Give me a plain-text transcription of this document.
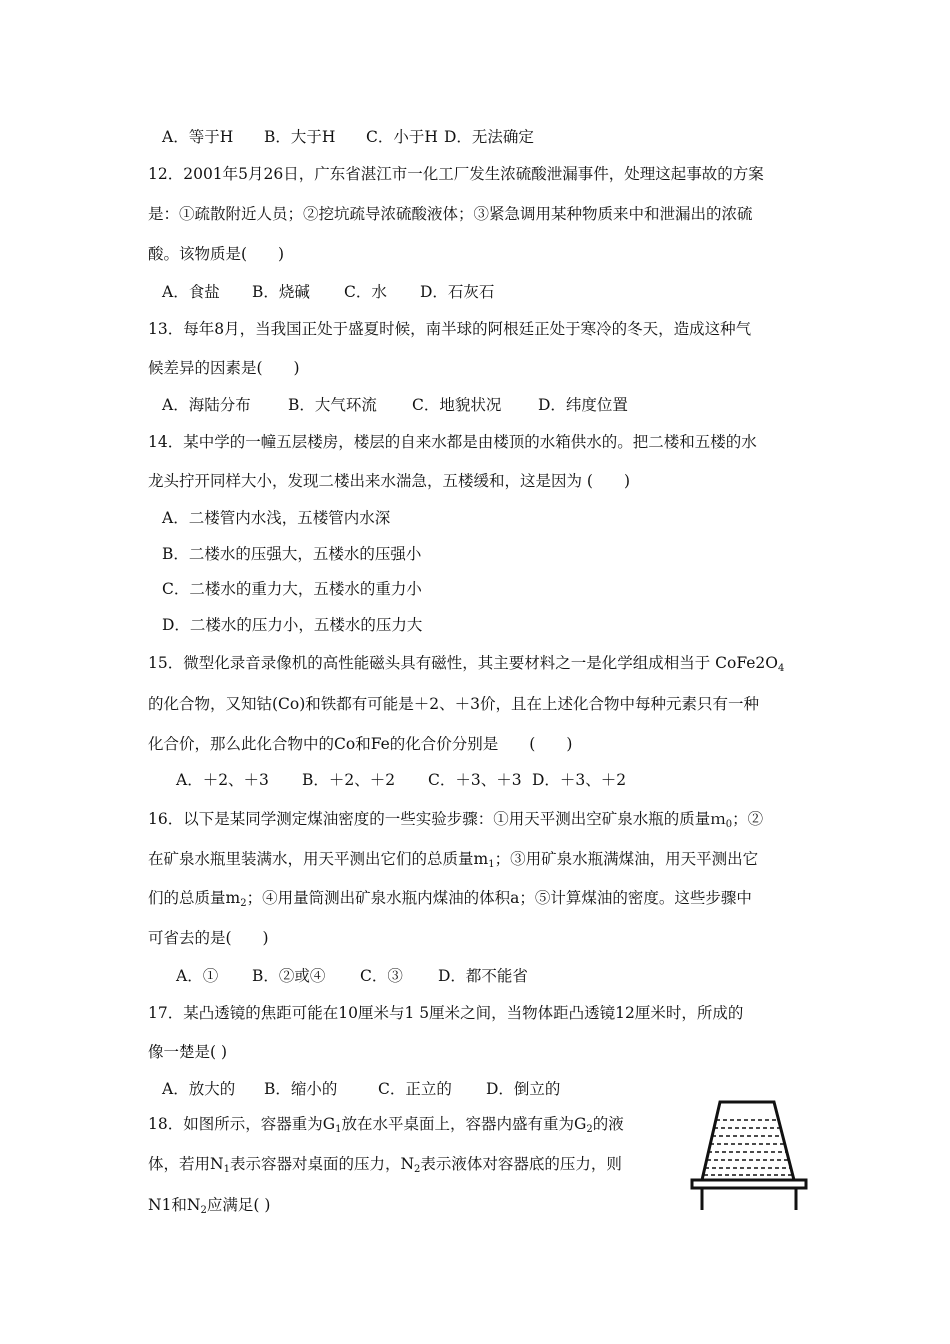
A．等于H B．大于H C．小于H D．无法确定
12．2001年5月26日，广东省湛江市一化工厂发生浓硫酸泄漏事件，处理这起事故的方案
是：①疏散附近人员；②挖坑疏导浓硫酸液体；③紧急调用某种物质来中和泄漏出的浓硫
酸。该物质是(　　)
A．食盐 B．烧碱 C．水 D．石灰石
13．每年8月，当我国正处于盛夏时候，南半球的阿根廷正处于寒冷的冬天，造成这种气
候差异的因素是(　　)
A．海陆分布 B．大气环流 C．地貌状况 D．纬度位置
14．某中学的一幢五层楼房，楼层的自来水都是由楼顶的水箱供水的。把二楼和五楼的水
龙头拧开同样大小，发现二楼出来水湍急，五楼缓和，这是因为 (　　)
A．二楼管内水浅，五楼管内水深
B．二楼水的压强大，五楼水的压强小
C．二楼水的重力大，五楼水的重力小
D．二楼水的压力小，五楼水的压力大
15．微型化录音录像机的高性能磁头具有磁性，其主要材料之一是化学组成相当于 $CoFe2O_4$
的化合物，又知钴(Co)和铁都有可能是＋2、＋3价，且在上述化合物中每种元素只有一种
化合价，那么此化合物中的Co和Fe的化合价分别是　　(　　)
A．＋2、＋3 B．＋2、＋2 C．＋3、＋3 D．＋3、＋2
16．以下是某同学测定煤油密度的一些实验步骤：①用天平测出空矿泉水瓶的质量ｍ$_0$；②
在矿泉水瓶里装满水，用天平测出它们的总质量$m_1$；③用矿泉水瓶满煤油，用天平测出它
们的总质量$m_2$；④用量筒测出矿泉水瓶内煤油的体积a；⑤计算煤油的密度。这些步骤中
可省去的是(　　)
A．① B．②或④ C．③ D．都不能省
17．某凸透镜的焦距可能在10厘米与1 5厘米之间，当物体距凸透镜12厘米时，所成的
像一楚是( )
A．放大的 B．缩小的	C．正立的 D．倒立的
18．如图所示，容器重为$G_1$放在水平桌面上，容器内盛有重为$G_2$的液
体，若用$N_1$表示容器对桌面的压力，$N_2$表示液体对容器底的压力，则
N1和$N_2$应满足( )
